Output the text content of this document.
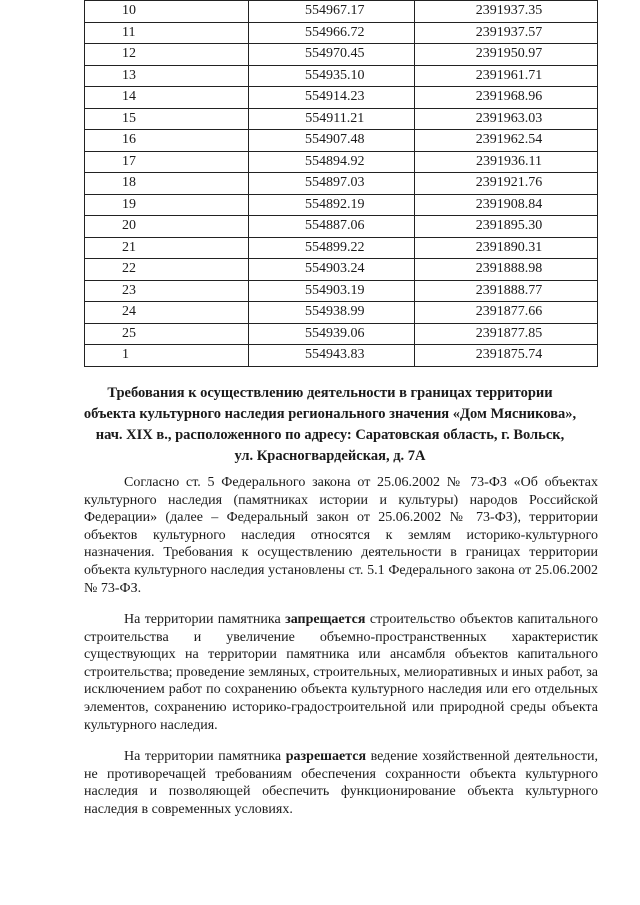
10	554967.17	2391937.35
11	554966.72	2391937.57
12	554970.45	2391950.97
13	554935.10	2391961.71
14	554914.23	2391968.96
15	554911.21	2391963.03
16	554907.48	2391962.54
17	554894.92	2391936.11
18	554897.03	2391921.76
19	554892.19	2391908.84
20	554887.06	2391895.30
21	554899.22	2391890.31
22	554903.24	2391888.98
23	554903.19	2391888.77
24	554938.99	2391877.66
25	554939.06	2391877.85
1	554943.83	2391875.74
Требования к осуществлению деятельности в границах территории
объекта культурного наследия регионального значения «Дом Мясникова»,
нач. XIX в., расположенного по адресу: Саратовская область, г. Вольск,
ул. Красногвардейская, д. 7А
Согласно ст. 5 Федерального закона от 25.06.2002 № 73-ФЗ «Об объектах культурного наследия (памятниках истории и культуры) народов Российской Федерации» (далее – Федеральный закон от 25.06.2002 № 73-ФЗ), территории объектов культурного наследия относятся к землям историко-культурного назначения. Требования к осуществлению деятельности в границах территории объекта культурного наследия установлены ст. 5.1 Федерального закона от 25.06.2002 № 73-ФЗ.
На территории памятника запрещается строительство объектов капитального строительства и увеличение объемно-пространственных характеристик существующих на территории памятника или ансамбля объектов капитального строительства; проведение земляных, строительных, мелиоративных и иных работ, за исключением работ по сохранению объекта культурного наследия или его отдельных элементов, сохранению историко-градостроительной или природной среды объекта культурного наследия.
На территории памятника разрешается ведение хозяйственной деятельности, не противоречащей требованиям обеспечения сохранности объекта культурного наследия и позволяющей обеспечить функционирование объекта культурного наследия в современных условиях.
